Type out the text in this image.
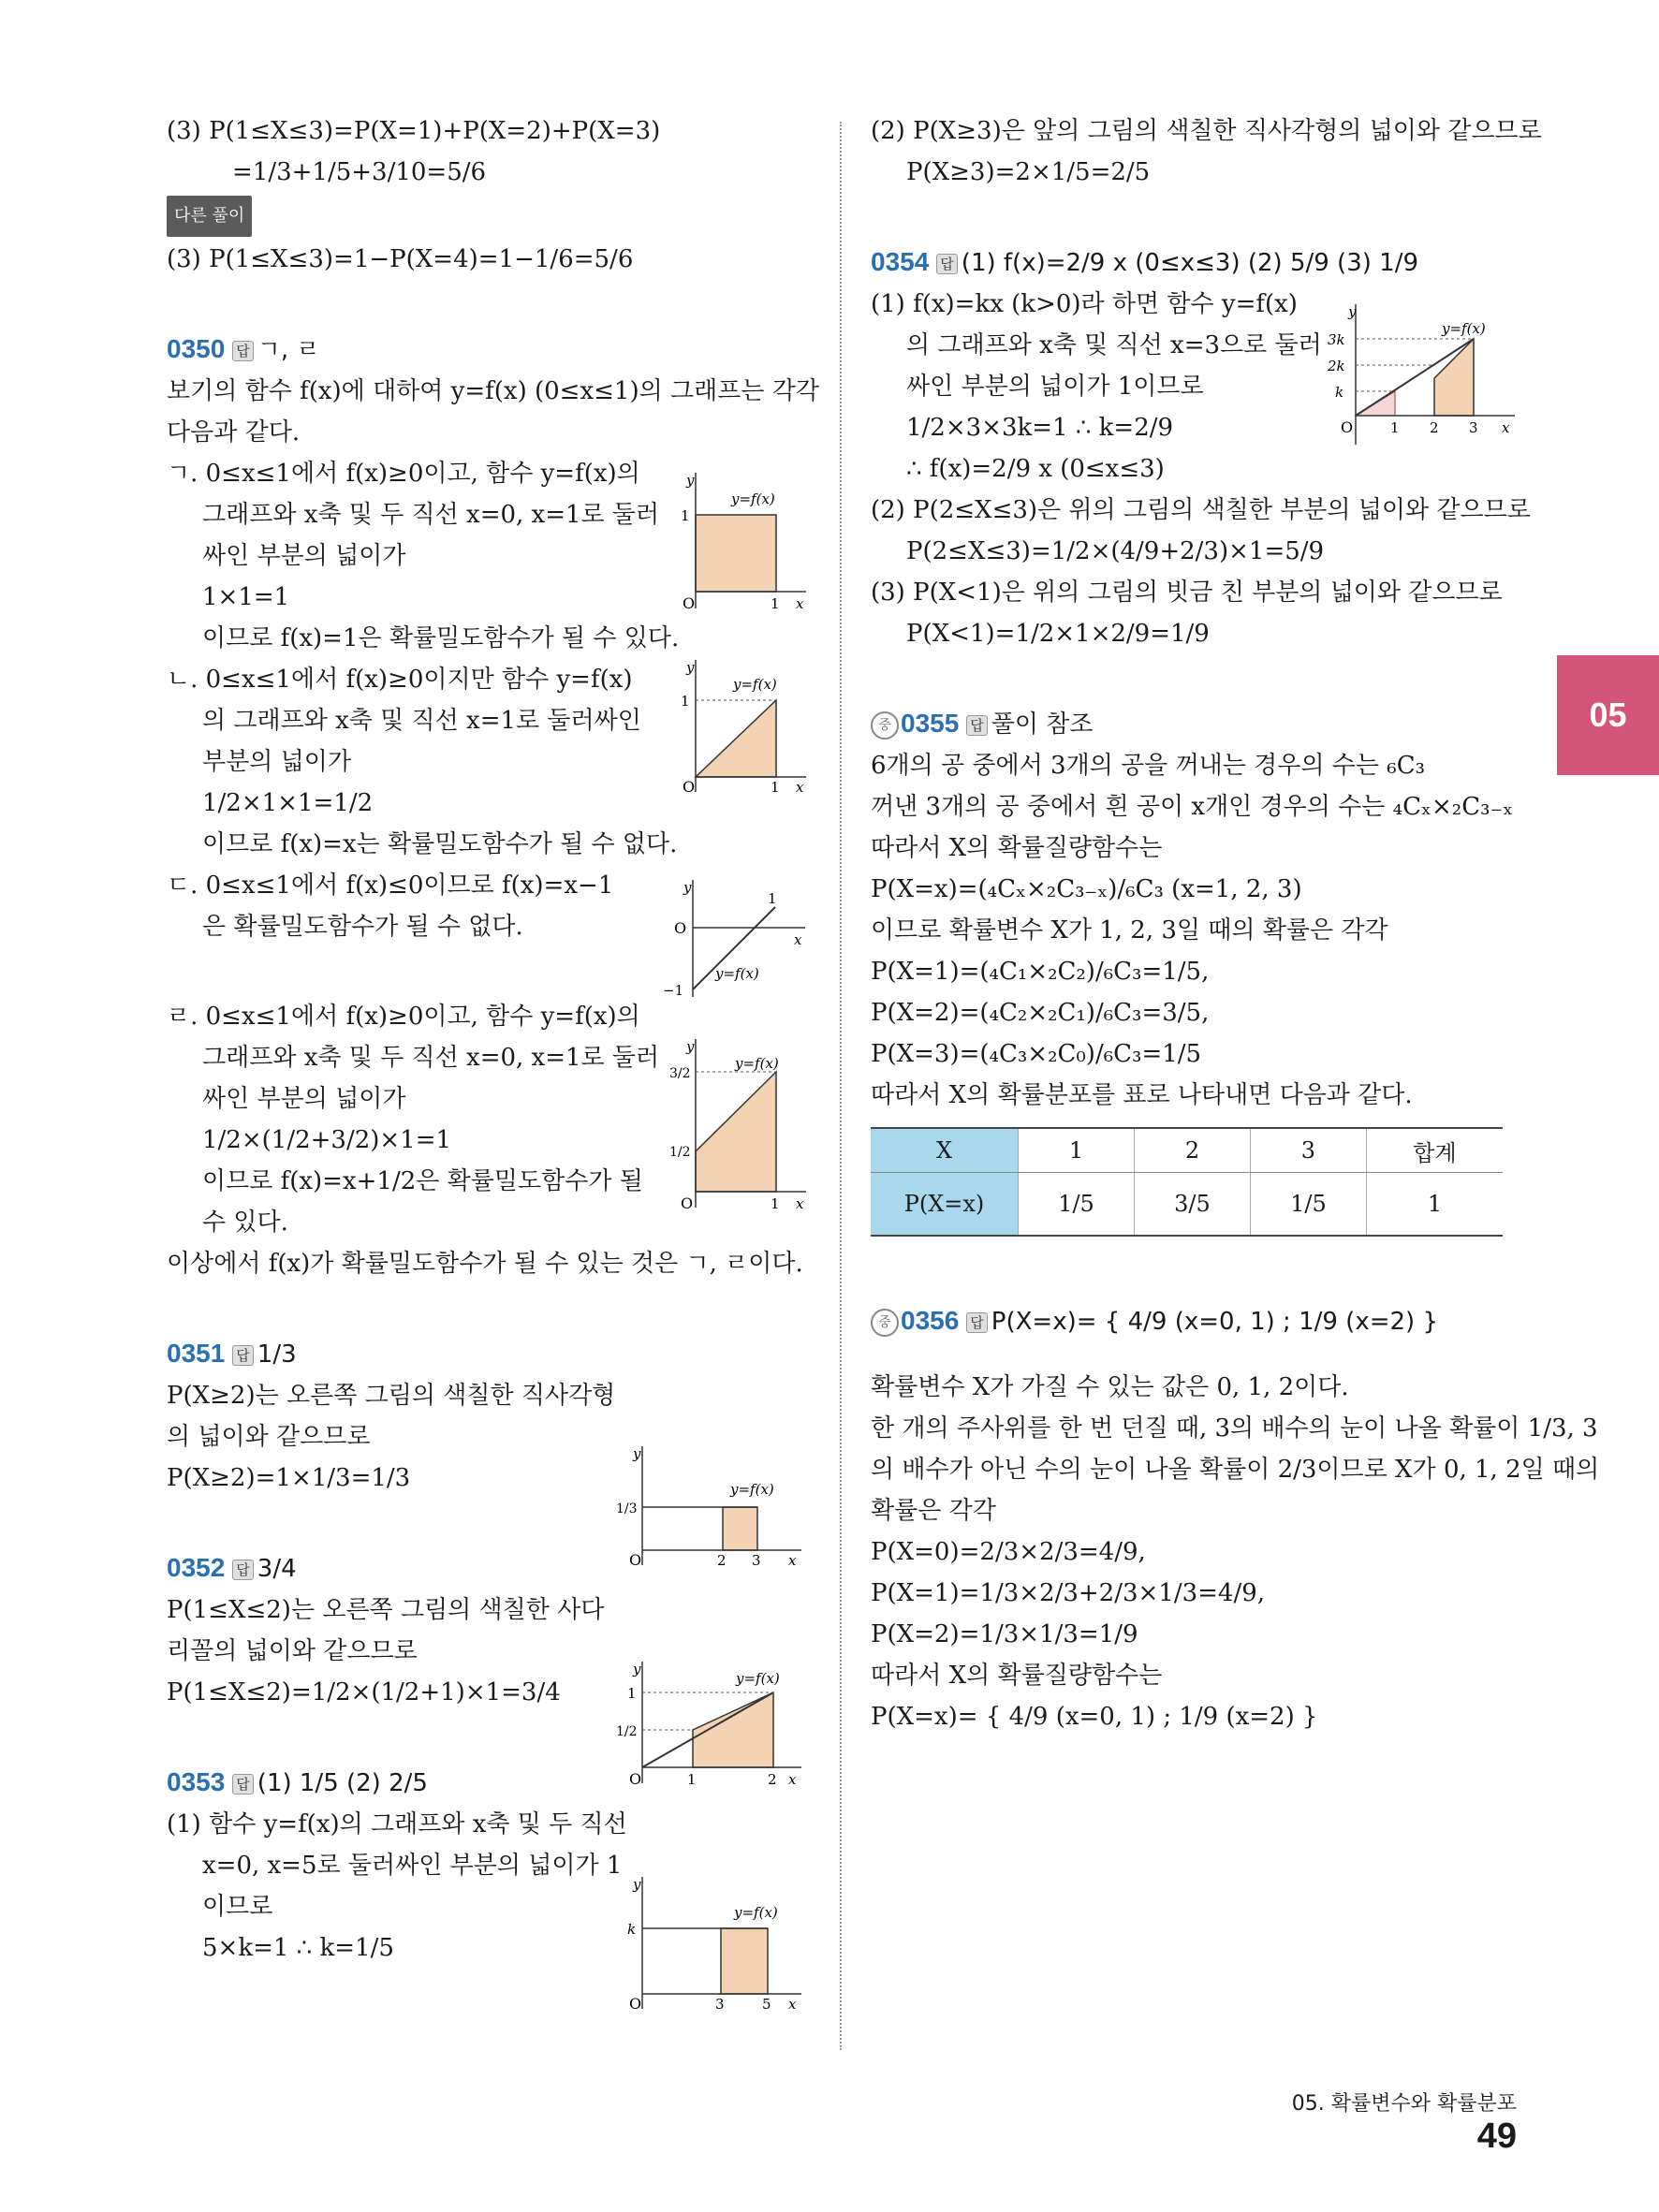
(3) P(1≤X≤3)=P(X=1)+P(X=2)+P(X=3)
=1/3+1/5+3/10=5/6
다른 풀이
(3) P(1≤X≤3)=1−P(X=4)=1−1/6=5/6
0350 답 ㄱ, ㄹ
보기의 함수 f(x)에 대하여 y=f(x) (0≤x≤1)의 그래프는 각각
다음과 같다.
ㄱ. 0≤x≤1에서 f(x)≥0이고, 함수 y=f(x)의
그래프와 x축 및 두 직선 x=0, x=1로 둘러
싸인 부분의 넓이가
1×1=1
이므로 f(x)=1은 확률밀도함수가 될 수 있다.
ㄴ. 0≤x≤1에서 f(x)≥0이지만 함수 y=f(x)
의 그래프와 x축 및 직선 x=1로 둘러싸인
부분의 넓이가
1/2×1×1=1/2
이므로 f(x)=x는 확률밀도함수가 될 수 없다.
ㄷ. 0≤x≤1에서 f(x)≤0이므로 f(x)=x−1
은 확률밀도함수가 될 수 없다.
ㄹ. 0≤x≤1에서 f(x)≥0이고, 함수 y=f(x)의
그래프와 x축 및 두 직선 x=0, x=1로 둘러
싸인 부분의 넓이가
1/2×(1/2+3/2)×1=1
이므로 f(x)=x+1/2은 확률밀도함수가 될
수 있다.
이상에서 f(x)가 확률밀도함수가 될 수 있는 것은 ㄱ, ㄹ이다.
0351 답 1/3
P(X≥2)는 오른쪽 그림의 색칠한 직사각형
의 넓이와 같으므로
P(X≥2)=1×1/3=1/3
0352 답 3/4
P(1≤X≤2)는 오른쪽 그림의 색칠한 사다
리꼴의 넓이와 같으므로
P(1≤X≤2)=1/2×(1/2+1)×1=3/4
0353 답 (1) 1/5 (2) 2/5
(1) 함수 y=f(x)의 그래프와 x축 및 두 직선
x=0, x=5로 둘러싸인 부분의 넓이가 1
이므로
5×k=1 ∴ k=1/5
(2) P(X≥3)은 앞의 그림의 색칠한 직사각형의 넓이와 같으므로
P(X≥3)=2×1/5=2/5
0354 답 (1) f(x)=2/9 x (0≤x≤3) (2) 5/9 (3) 1/9
(1) f(x)=kx (k>0)라 하면 함수 y=f(x)
의 그래프와 x축 및 직선 x=3으로 둘러
싸인 부분의 넓이가 1이므로
1/2×3×3k=1 ∴ k=2/9
∴ f(x)=2/9 x (0≤x≤3)
(2) P(2≤X≤3)은 위의 그림의 색칠한 부분의 넓이와 같으므로
P(2≤X≤3)=1/2×(4/9+2/3)×1=5/9
(3) P(X<1)은 위의 그림의 빗금 친 부분의 넓이와 같으므로
P(X<1)=1/2×1×2/9=1/9
중 0355 답 풀이 참조
6개의 공 중에서 3개의 공을 꺼내는 경우의 수는 ₆C₃
꺼낸 3개의 공 중에서 흰 공이 x개인 경우의 수는 ₄Cₓ×₂C₃₋ₓ
따라서 X의 확률질량함수는
P(X=x)=(₄Cₓ×₂C₃₋ₓ)/₆C₃ (x=1, 2, 3)
이므로 확률변수 X가 1, 2, 3일 때의 확률은 각각
P(X=1)=(₄C₁×₂C₂)/₆C₃=1/5,
P(X=2)=(₄C₂×₂C₁)/₆C₃=3/5,
P(X=3)=(₄C₃×₂C₀)/₆C₃=1/5
따라서 X의 확률분포를 표로 나타내면 다음과 같다.
X	1	2	3	합계
P(X=x)	1/5	3/5	1/5	1
중 0356 답 P(X=x)= { 4/9 (x=0, 1) ; 1/9 (x=2) }
확률변수 X가 가질 수 있는 값은 0, 1, 2이다.
한 개의 주사위를 한 번 던질 때, 3의 배수의 눈이 나올 확률이 1/3, 3
의 배수가 아닌 수의 눈이 나올 확률이 2/3이므로 X가 0, 1, 2일 때의
확률은 각각
P(X=0)=2/3×2/3=4/9,
P(X=1)=1/3×2/3+2/3×1/3=4/9,
P(X=2)=1/3×1/3=1/9
따라서 X의 확률질량함수는
P(X=x)= { 4/9 (x=0, 1) ; 1/9 (x=2) }
y
y=f(x)
1
O	1 x
y
y=f(x)
1
O	1 x
y
1
O
x
−1
y=f(x)
y
y=f(x)
3/2
1/2
O	1 x
y
y=f(x)
1/3
O	2 3 x
y
y=f(x)
1
1/2
O	1	2 x
y
y=f(x)
k
O	3	5 x
y
y=f(x)
3k
2k
k
O	1 2 3 x
05
05. 확률변수와 확률분포49
